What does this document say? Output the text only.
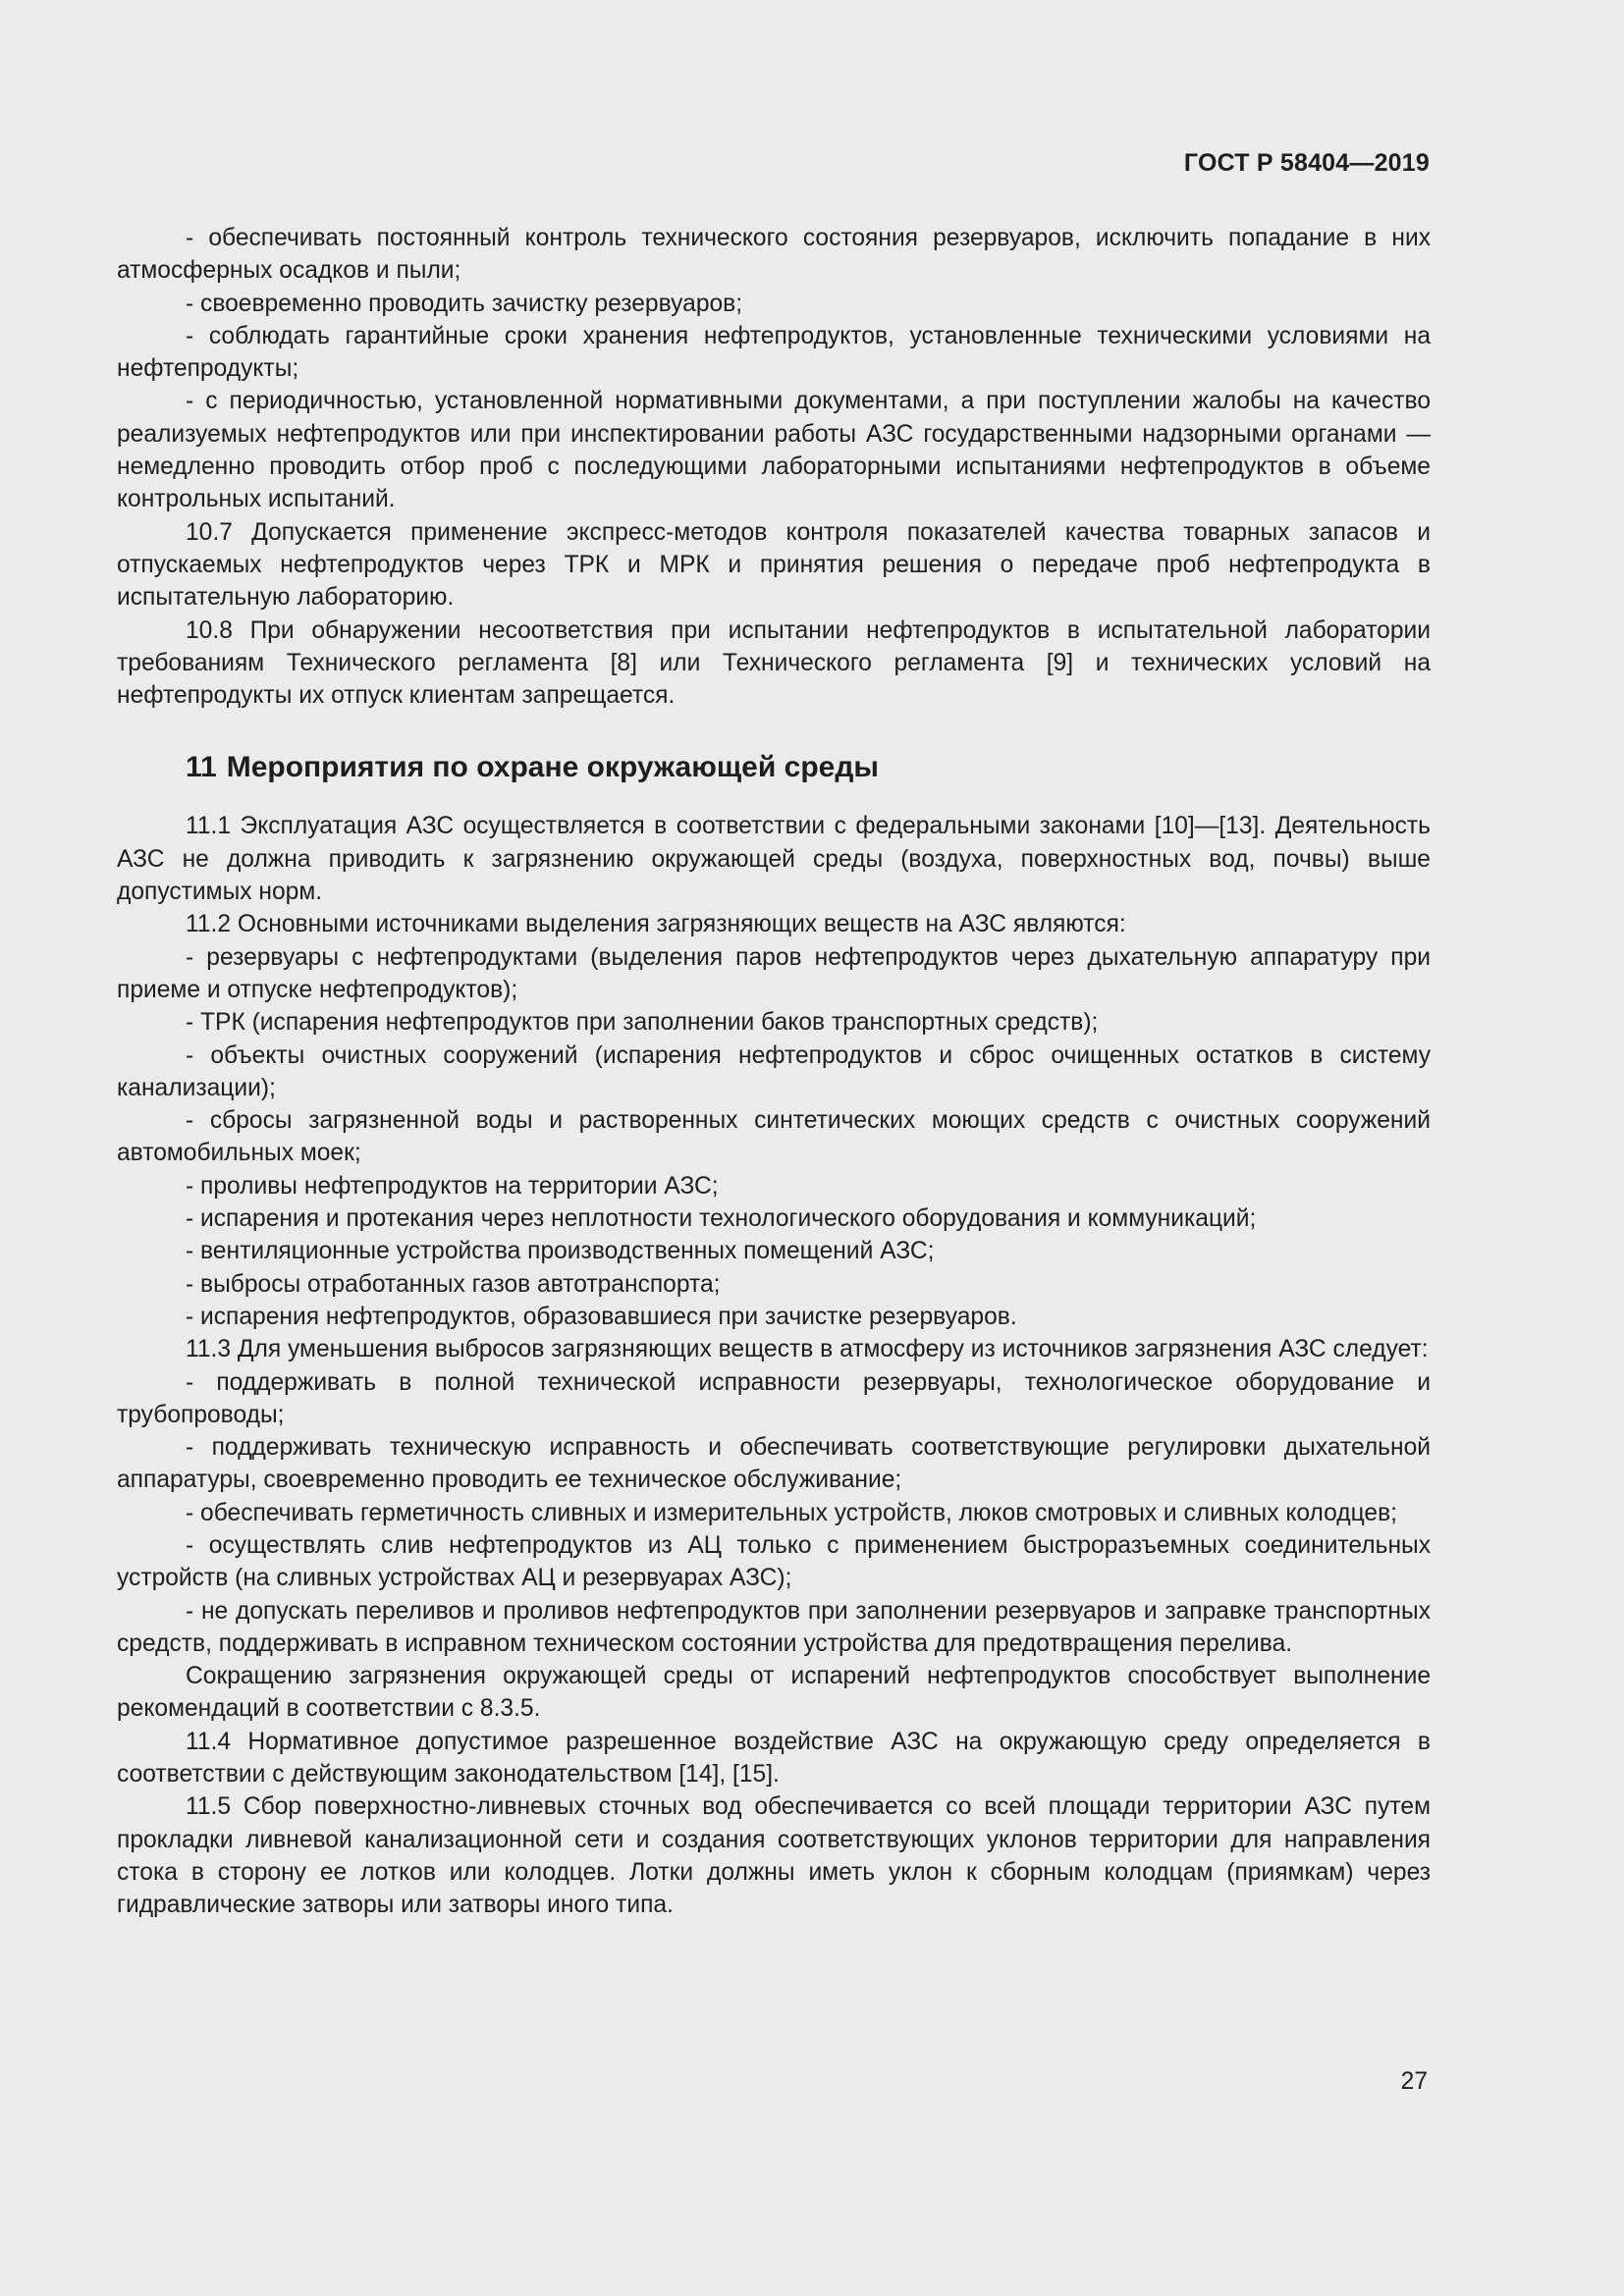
ГОСТ Р 58404—2019

- обеспечивать постоянный контроль технического состояния резервуаров, исключить попадание в них атмосферных осадков и пыли;

- своевременно проводить зачистку резервуаров;

- соблюдать гарантийные сроки хранения нефтепродуктов, установленные техническими условиями на нефтепродукты;

- с периодичностью, установленной нормативными документами, а при поступлении жалобы на качество реализуемых нефтепродуктов или при инспектировании работы АЗС государственными надзорными органами — немедленно проводить отбор проб с последующими лабораторными испытаниями нефтепродуктов в объеме контрольных испытаний.

10.7 Допускается применение экспресс-методов контроля показателей качества товарных запасов и отпускаемых нефтепродуктов через ТРК и МРК и принятия решения о передаче проб нефтепродукта в испытательную лабораторию.

10.8 При обнаружении несоответствия при испытании нефтепродуктов в испытательной лаборатории требованиям Технического регламента [8] или Технического регламента [9] и технических условий на нефтепродукты их отпуск клиентам запрещается.

11 Мероприятия по охране окружающей среды

11.1 Эксплуатация АЗС осуществляется в соответствии с федеральными законами [10]—[13]. Деятельность АЗС не должна приводить к загрязнению окружающей среды (воздуха, поверхностных вод, почвы) выше допустимых норм.

11.2 Основными источниками выделения загрязняющих веществ на АЗС являются:

- резервуары с нефтепродуктами (выделения паров нефтепродуктов через дыхательную аппаратуру при приеме и отпуске нефтепродуктов);

- ТРК (испарения нефтепродуктов при заполнении баков транспортных средств);

- объекты очистных сооружений (испарения нефтепродуктов и сброс очищенных остатков в систему канализации);

- сбросы загрязненной воды и растворенных синтетических моющих средств с очистных сооружений автомобильных моек;

- проливы нефтепродуктов на территории АЗС;

- испарения и протекания через неплотности технологического оборудования и коммуникаций;

- вентиляционные устройства производственных помещений АЗС;

- выбросы отработанных газов автотранспорта;

- испарения нефтепродуктов, образовавшиеся при зачистке резервуаров.

11.3 Для уменьшения выбросов загрязняющих веществ в атмосферу из источников загрязнения АЗС следует:

- поддерживать в полной технической исправности резервуары, технологическое оборудование и трубопроводы;

- поддерживать техническую исправность и обеспечивать соответствующие регулировки дыхательной аппаратуры, своевременно проводить ее техническое обслуживание;

- обеспечивать герметичность сливных и измерительных устройств, люков смотровых и сливных колодцев;

- осуществлять слив нефтепродуктов из АЦ только с применением быстроразъемных соединительных устройств (на сливных устройствах АЦ и резервуарах АЗС);

- не допускать переливов и проливов нефтепродуктов при заполнении резервуаров и заправке транспортных средств, поддерживать в исправном техническом состоянии устройства для предотвращения перелива.

Сокращению загрязнения окружающей среды от испарений нефтепродуктов способствует выполнение рекомендаций в соответствии с 8.3.5.

11.4 Нормативное допустимое разрешенное воздействие АЗС на окружающую среду определяется в соответствии с действующим законодательством [14], [15].

11.5 Сбор поверхностно-ливневых сточных вод обеспечивается со всей площади территории АЗС путем прокладки ливневой канализационной сети и создания соответствующих уклонов территории для направления стока в сторону ее лотков или колодцев. Лотки должны иметь уклон к сборным колодцам (приямкам) через гидравлические затворы или затворы иного типа.

27
